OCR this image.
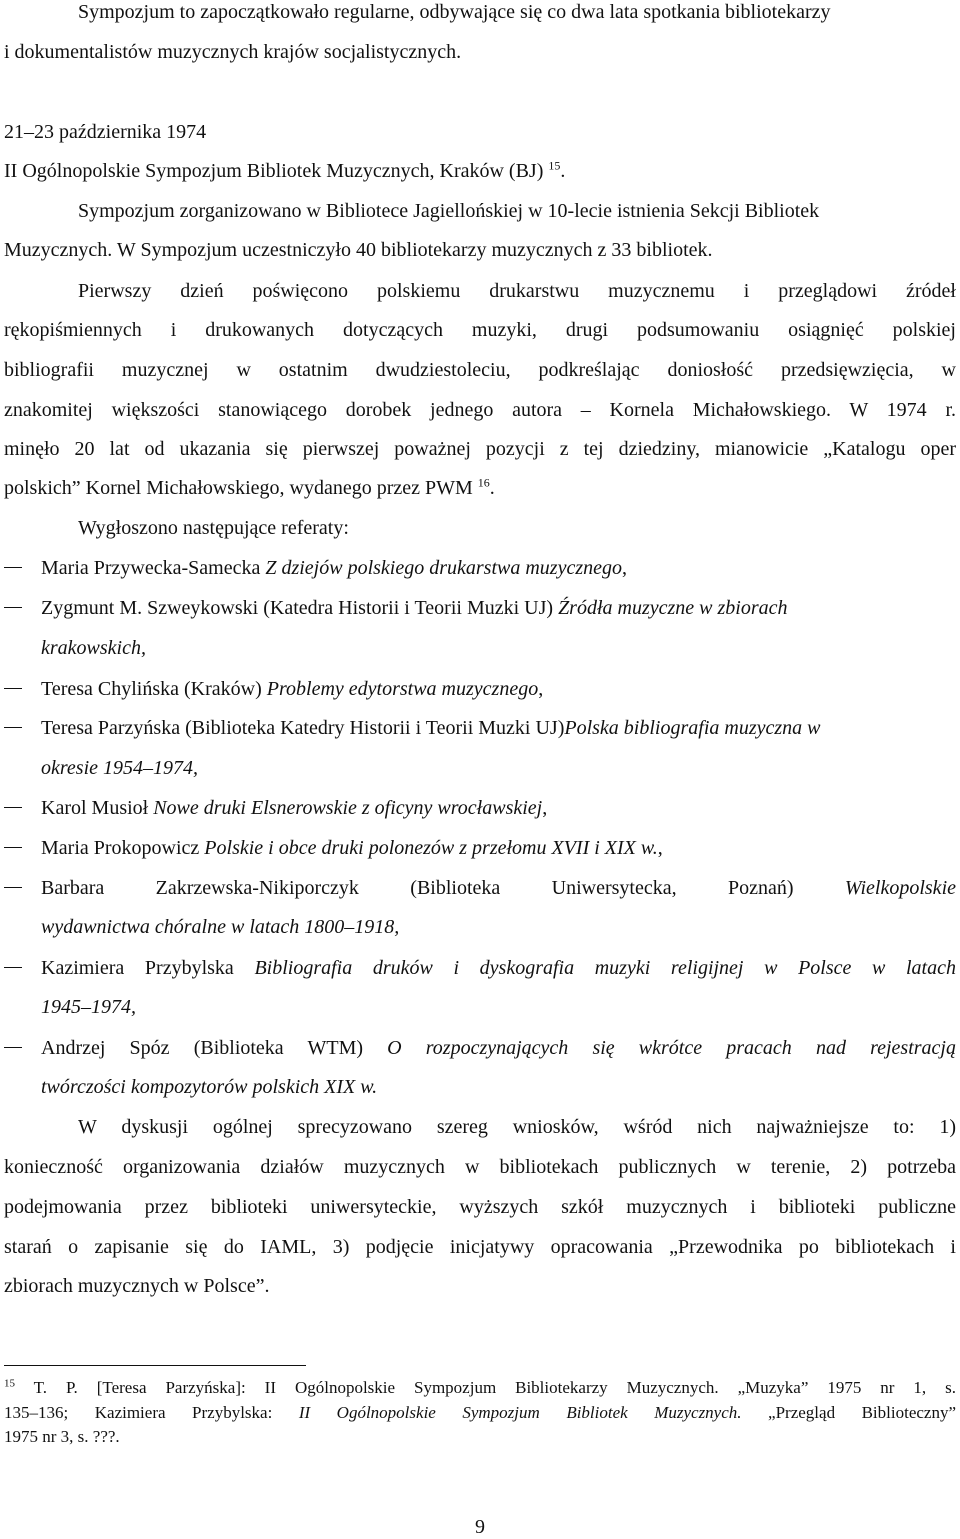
Sympozjum to zapoczątkowało regularne, odbywające się co dwa lata spotkania bibliotekarzy
i dokumentalistów muzycznych krajów socjalistycznych.
21–23 października 1974
II Ogólnopolskie Sympozjum Bibliotek Muzycznych, Kraków (BJ) $^{15}$.
Sympozjum zorganizowano w Bibliotece Jagiellońskiej w 10-lecie istnienia Sekcji Bibliotek
Muzycznych. W Sympozjum uczestniczyło 40 bibliotekarzy muzycznych z 33 bibliotek.
Pierwszy dzień poświęcono polskiemu drukarstwu muzycznemu i przeglądowi źródeł
rękopiśmiennych i drukowanych dotyczących muzyki, drugi podsumowaniu osiągnięć polskiej
bibliografii muzycznej w ostatnim dwudziestoleciu, podkreślając doniosłość przedsięwzięcia, w
znakomitej większości stanowiącego dorobek jednego autora – Kornela Michałowskiego. W 1974 r.
minęło 20 lat od ukazania się pierwszej poważnej pozycji z tej dziedziny, mianowicie „Katalogu oper
polskich” Kornel Michałowskiego, wydanego przez PWM $^{16}$.
Wygłoszono następujące referaty:
Maria Przywecka-Samecka Z dziejów polskiego drukarstwa muzycznego,
Zygmunt M. Szweykowski (Katedra Historii i Teorii Muzki UJ) Źródła muzyczne w zbiorach
krakowskich,
Teresa Chylińska (Kraków) Problemy edytorstwa muzycznego,
Teresa Parzyńska (Biblioteka Katedry Historii i Teorii Muzki UJ)Polska bibliografia muzyczna w
okresie 1954–1974,
Karol Musioł Nowe druki Elsnerowskie z oficyny wrocławskiej,
Maria Prokopowicz Polskie i obce druki polonezów z przełomu XVII i XIX w.,
Barbara Zakrzewska-Nikiporczyk (Biblioteka Uniwersytecka, Poznań) Wielkopolskie
wydawnictwa chóralne w latach 1800–1918,
Kazimiera Przybylska Bibliografia druków i dyskografia muzyki religijnej w Polsce w latach
1945–1974,
Andrzej Spóz (Biblioteka WTM) O rozpoczynających się wkrótce pracach nad rejestracją
twórczości kompozytorów polskich XIX w.
W dyskusji ogólnej sprecyzowano szereg wniosków, wśród nich najważniejsze to: 1)
konieczność organizowania działów muzycznych w bibliotekach publicznych w terenie, 2) potrzeba
podejmowania przez biblioteki uniwersyteckie, wyższych szkół muzycznych i biblioteki publiczne
starań o zapisanie się do IAML, 3) podjęcie inicjatywy opracowania „Przewodnika po bibliotekach i
zbiorach muzycznych w Polsce”.
$^{15}$ T. P. [Teresa Parzyńska]: II Ogólnopolskie Sympozjum Bibliotekarzy Muzycznych. „Muzyka” 1975 nr 1, s.
135–136; Kazimiera Przybylska: II Ogólnopolskie Sympozjum Bibliotek Muzycznych. „Przegląd Biblioteczny”
1975 nr 3, s. ???.
9
